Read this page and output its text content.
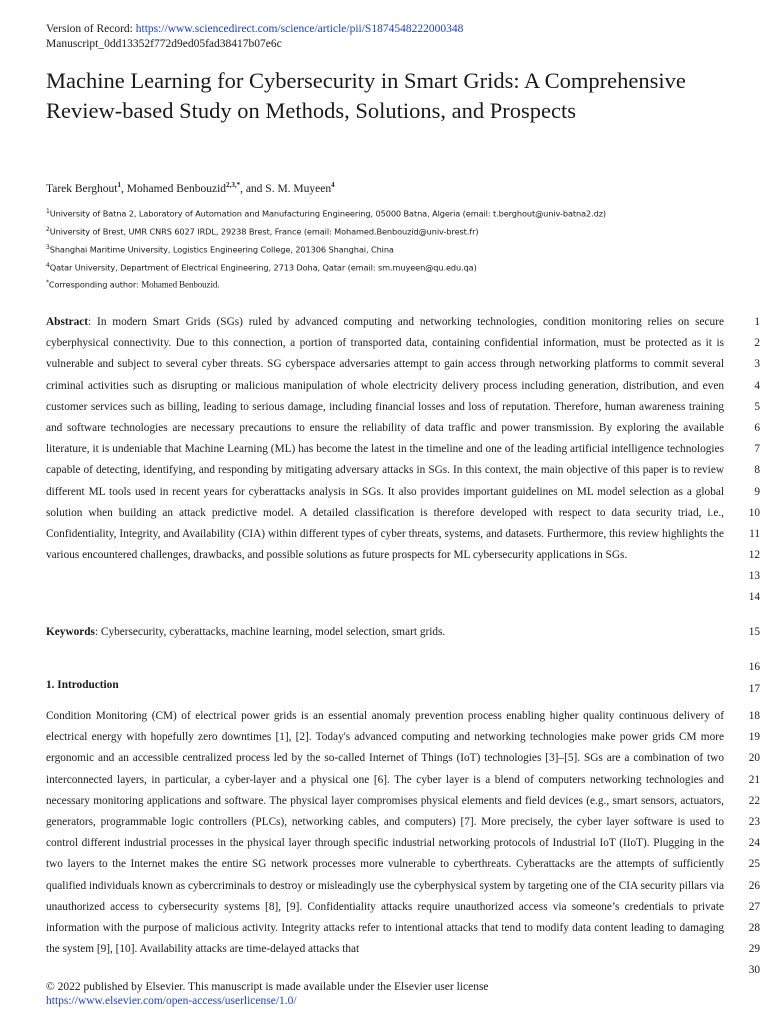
Version of Record: https://www.sciencedirect.com/science/article/pii/S1874548222000348
Manuscript_0dd13352f772d9ed05fad38417b07e6c
Machine Learning for Cybersecurity in Smart Grids: A Comprehensive Review-based Study on Methods, Solutions, and Prospects
Tarek Berghout$^1$, Mohamed Benbouzid$^{2,3,*}$, and S. M. Muyeen$^4$
$^1$University of Batna 2, Laboratory of Automation and Manufacturing Engineering, 05000 Batna, Algeria (email: t.berghout@univ-batna2.dz)
$^2$University of Brest, UMR CNRS 6027 IRDL, 29238 Brest, France (email: Mohamed.Benbouzid@univ-brest.fr)
$^3$Shanghai Maritime University, Logistics Engineering College, 201306 Shanghai, China
$^4$Qatar University, Department of Electrical Engineering, 2713 Doha, Qatar (email: sm.muyeen@qu.edu.qa)
*Corresponding author: Mohamed Benbouzid.

Abstract: In modern Smart Grids (SGs) ruled by advanced computing and networking technologies, condition monitoring relies on secure cyberphysical connectivity. Due to this connection, a portion of transported data, containing confidential information, must be protected as it is vulnerable and subject to several cyber threats. SG cyberspace adversaries attempt to gain access through networking platforms to commit several criminal activities such as disrupting or malicious manipulation of whole electricity delivery process including generation, distribution, and even customer services such as billing, leading to serious damage, including financial losses and loss of reputation. Therefore, human awareness training and software technologies are necessary precautions to ensure the reliability of data traffic and power transmission. By exploring the available literature, it is undeniable that Machine Learning (ML) has become the latest in the timeline and one of the leading artificial intelligence technologies capable of detecting, identifying, and responding by mitigating adversary attacks in SGs. In this context, the main objective of this paper is to review different ML tools used in recent years for cyberattacks analysis in SGs. It also provides important guidelines on ML model selection as a global solution when building an attack predictive model. A detailed classification is therefore developed with respect to data security triad, i.e., Confidentiality, Integrity, and Availability (CIA) within different types of cyber threats, systems, and datasets. Furthermore, this review highlights the various encountered challenges, drawbacks, and possible solutions as future prospects for ML cybersecurity applications in SGs.

1
2
3
4
5
6
7
8
9
10
11
12
13
14

Keywords: Cybersecurity, cyberattacks, machine learning, model selection, smart grids.	15
16
1. Introduction	17

Condition Monitoring (CM) of electrical power grids is an essential anomaly prevention process enabling higher quality continuous delivery of electrical energy with hopefully zero downtimes [1], [2]. Today's advanced computing and networking technologies make power grids CM more ergonomic and an accessible centralized process led by the so-called Internet of Things (IoT) technologies [3]–[5]. SGs are a combination of two interconnected layers, in particular, a cyber-layer and a physical one [6]. The cyber layer is a blend of computers networking technologies and necessary monitoring applications and software. The physical layer compromises physical elements and field devices (e.g., smart sensors, actuators, generators, programmable logic controllers (PLCs), networking cables, and computers) [7]. More precisely, the cyber layer software is used to control different industrial processes in the physical layer through specific industrial networking protocols of Industrial IoT (IIoT). Plugging in the two layers to the Internet makes the entire SG network processes more vulnerable to cyberthreats. Cyberattacks are the attempts of sufficiently qualified individuals known as cybercriminals to destroy or misleadingly use the cyberphysical system by targeting one of the CIA security pillars via unauthorized access to cybersecurity systems [8], [9]. Confidentiality attacks require unauthorized access via someone’s credentials to private information with the purpose of malicious activity. Integrity attacks refer to intentional attacks that tend to modify data content leading to damaging the system [9], [10]. Availability attacks are time-delayed attacks that

18
19
20
21
22
23
24
25
26
27
28
29
30
© 2022 published by Elsevier. This manuscript is made available under the Elsevier user license
https://www.elsevier.com/open-access/userlicense/1.0/
